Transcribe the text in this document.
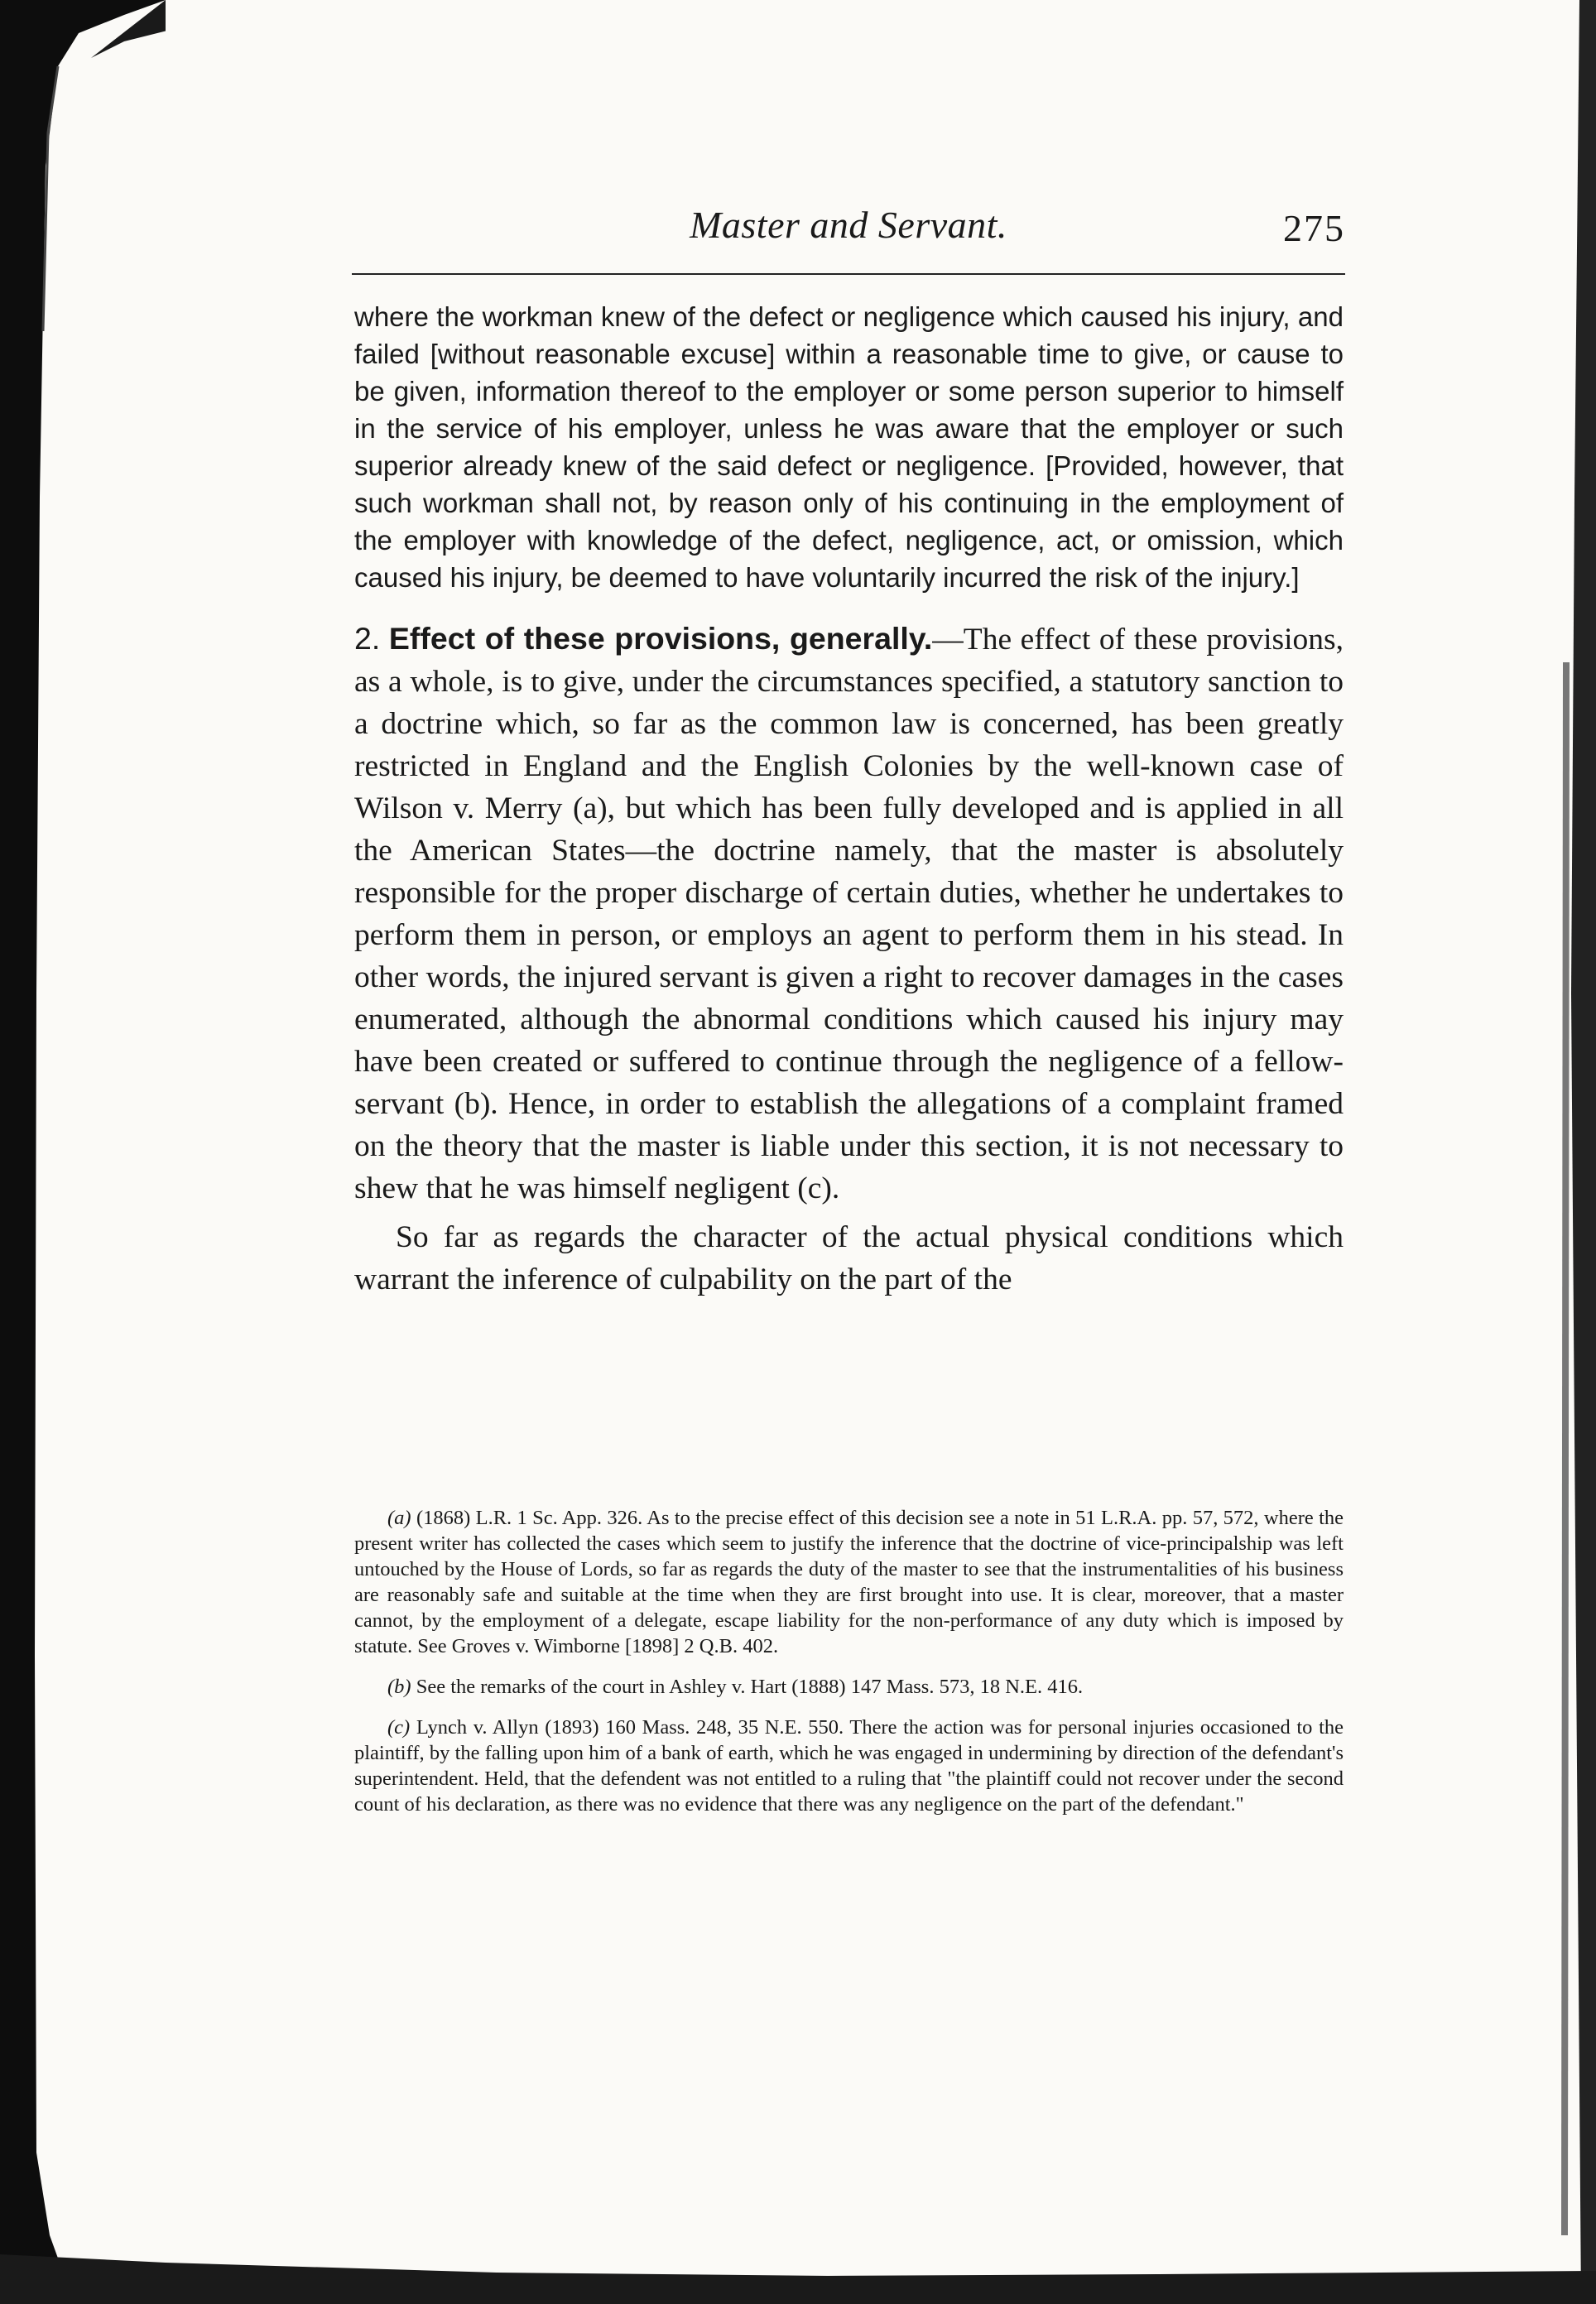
Master and Servant.	275

where the workman knew of the defect or negligence which caused his injury, and failed [without reasonable excuse] within a reasonable time to give, or cause to be given, information thereof to the employer or some person superior to himself in the service of his employer, unless he was aware that the employer or such superior already knew of the said defect or negligence. [Provided, however, that such workman shall not, by reason only of his continuing in the employment of the employer with knowledge of the defect, negligence, act, or omission, which caused his injury, be deemed to have voluntarily incurred the risk of the injury.]

2. Effect of these provisions, generally.—The effect of these provisions, as a whole, is to give, under the circumstances specified, a statutory sanction to a doctrine which, so far as the common law is concerned, has been greatly restricted in England and the English Colonies by the well-known case of Wilson v. Merry (a), but which has been fully developed and is applied in all the American States—the doctrine namely, that the master is absolutely responsible for the proper discharge of certain duties, whether he undertakes to perform them in person, or employs an agent to perform them in his stead. In other words, the injured servant is given a right to recover damages in the cases enumerated, although the abnormal conditions which caused his injury may have been created or suffered to continue through the negligence of a fellow-servant (b). Hence, in order to establish the allegations of a complaint framed on the theory that the master is liable under this section, it is not necessary to shew that he was himself negligent (c).

So far as regards the character of the actual physical conditions which warrant the inference of culpability on the part of the

(a) (1868) L.R. 1 Sc. App. 326. As to the precise effect of this decision see a note in 51 L.R.A. pp. 57, 572, where the present writer has collected the cases which seem to justify the inference that the doctrine of vice-principalship was left untouched by the House of Lords, so far as regards the duty of the master to see that the instrumentalities of his business are reasonably safe and suitable at the time when they are first brought into use. It is clear, moreover, that a master cannot, by the employment of a delegate, escape liability for the non-performance of any duty which is imposed by statute. See Groves v. Wimborne [1898] 2 Q.B. 402.

(b) See the remarks of the court in Ashley v. Hart (1888) 147 Mass. 573, 18 N.E. 416.

(c) Lynch v. Allyn (1893) 160 Mass. 248, 35 N.E. 550. There the action was for personal injuries occasioned to the plaintiff, by the falling upon him of a bank of earth, which he was engaged in undermining by direction of the defendant's superintendent. Held, that the defendent was not entitled to a ruling that "the plaintiff could not recover under the second count of his declaration, as there was no evidence that there was any negligence on the part of the defendant."
